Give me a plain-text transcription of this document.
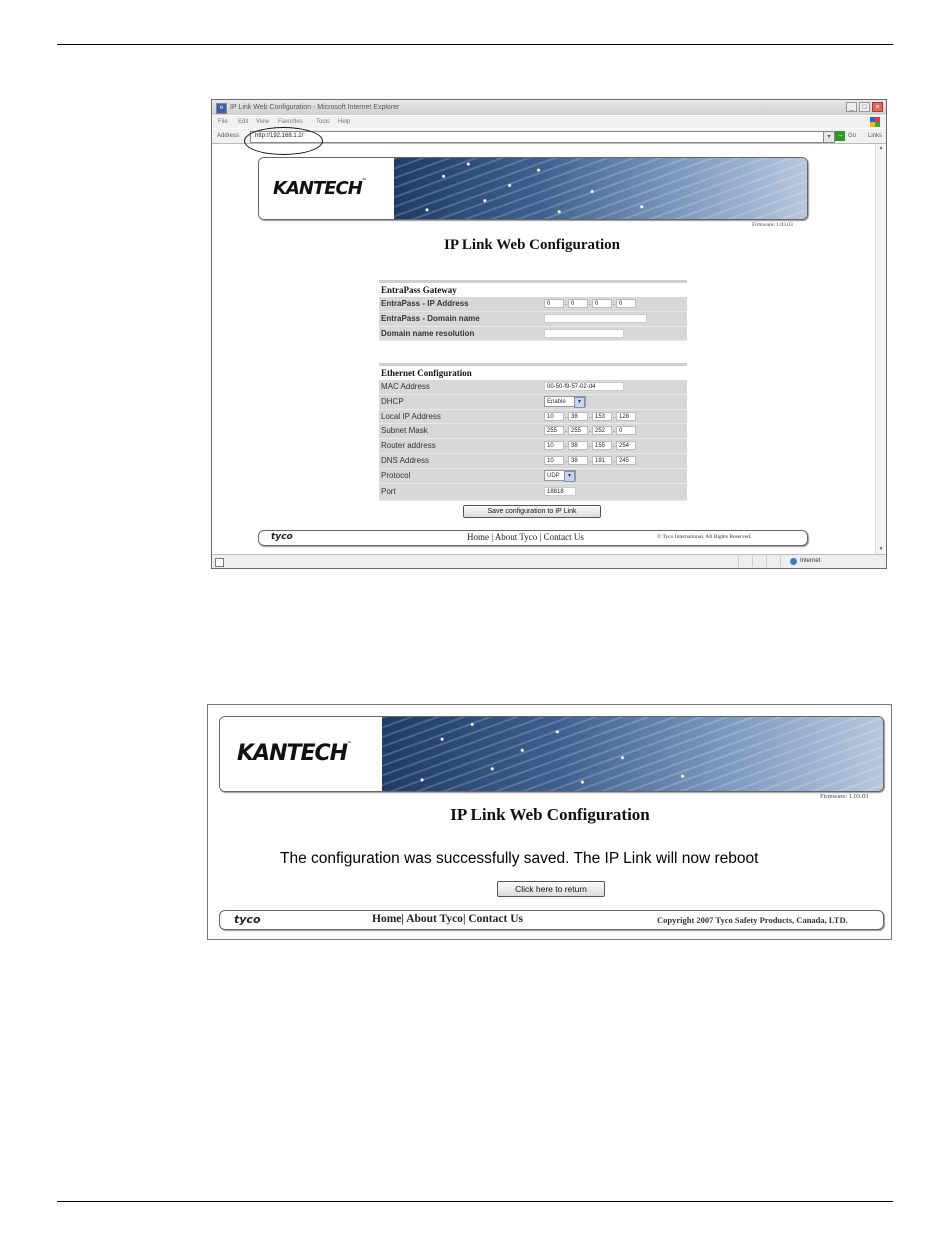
e IP Link Web Configuration - Microsoft Internet Explorer	_	□	×
File Edit View Favorites Tools Help
Address	http://192.168.1.2/	▾ → Go Links
▲
▼
KANTECH™
Firmware: 1.03.03
IP Link Web Configuration
EntraPass Gateway
EntraPass - IP Address	0	. 0	. 0	. 0
EntraPass - Domain name
Domain name resolution
Ethernet Configuration
MAC Address	00-50-f9-57-02-d4
DHCP	Enable	▼
Local IP Address	10	. 38	. 153	. 128
Subnet Mask	255	. 255	. 252	. 0
Router address	10	. 38	. 155	. 254
DNS Address	10	. 38	. 191	. 245
Protocol	UDP	▼
Port	18818
Save configuration to IP Link
tyco	Home | About Tyco | Contact Us	© Tyco International. All Rights Reserved.
Internet
KANTECH™
Firmware: 1.03.03
IP Link Web Configuration
The configuration was successfully saved. The IP Link will now reboot
Click here to return
tyco	Home| About Tyco| Contact Us	Copyright 2007 Tyco Safety Products, Canada, LTD.
